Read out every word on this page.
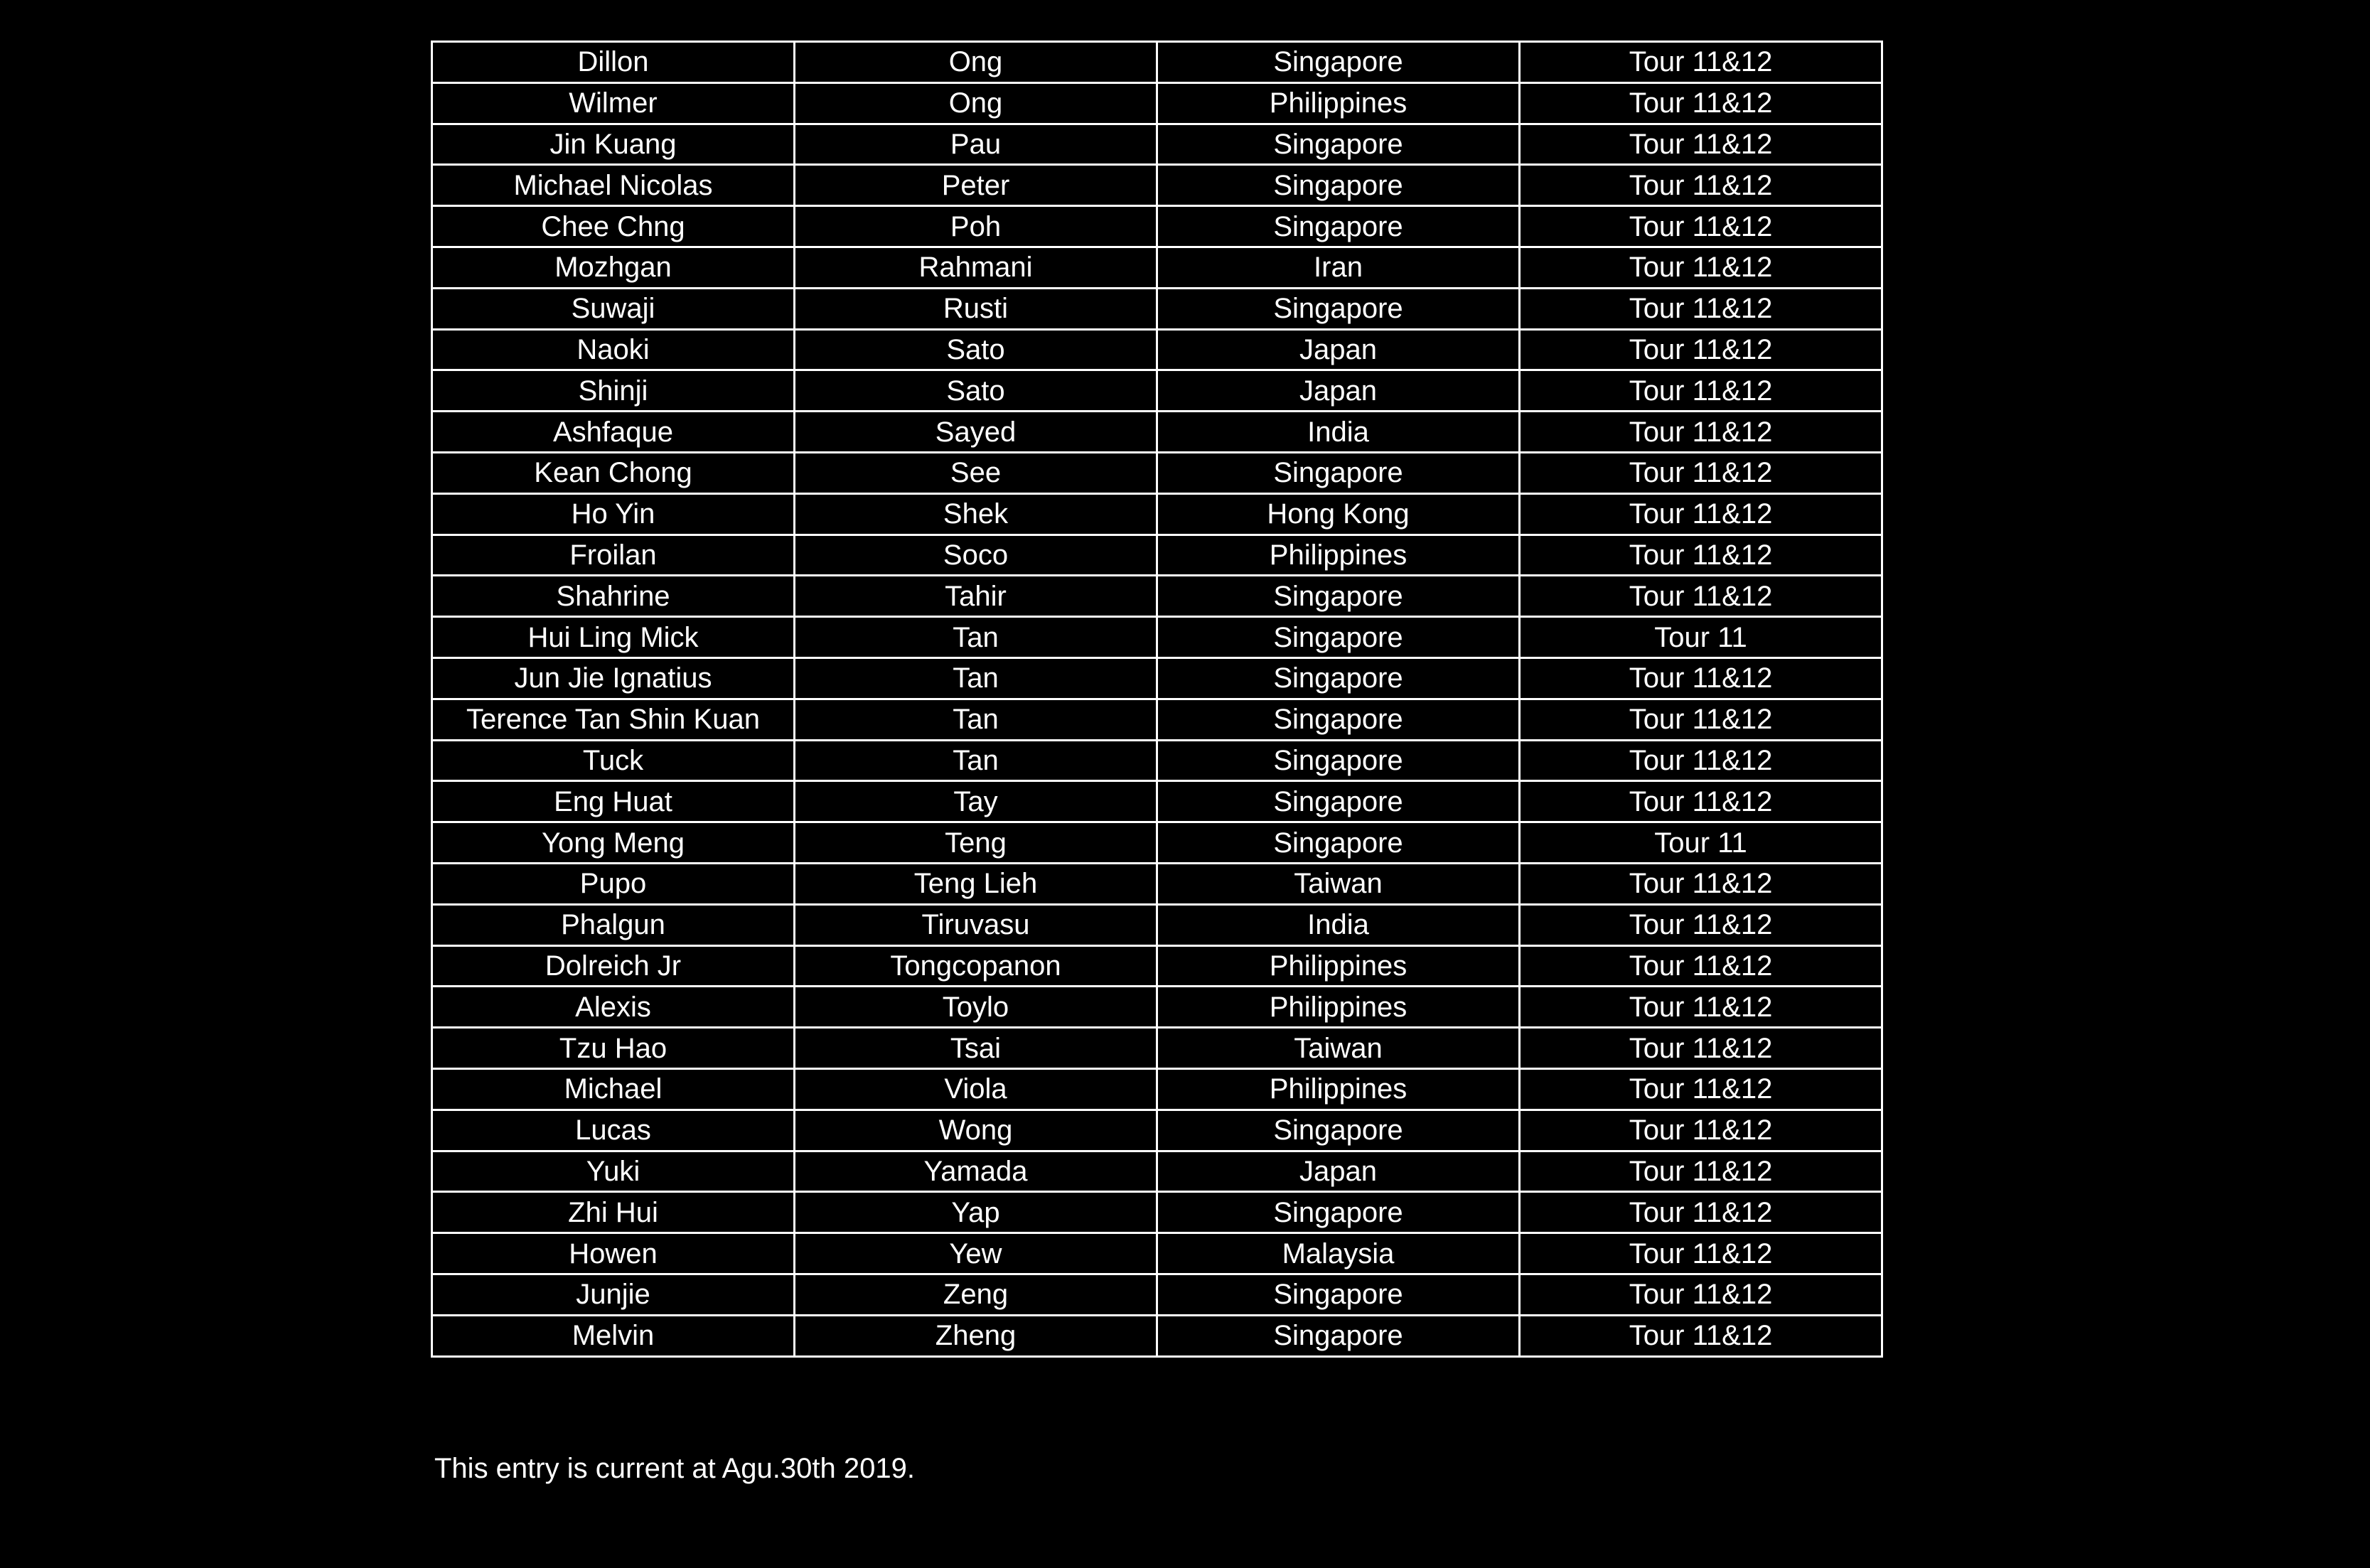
Dillon	Ong	Singapore	Tour 11&12
Wilmer	Ong	Philippines	Tour 11&12
Jin Kuang	Pau	Singapore	Tour 11&12
Michael Nicolas	Peter	Singapore	Tour 11&12
Chee Chng	Poh	Singapore	Tour 11&12
Mozhgan	Rahmani	Iran	Tour 11&12
Suwaji	Rusti	Singapore	Tour 11&12
Naoki	Sato	Japan	Tour 11&12
Shinji	Sato	Japan	Tour 11&12
Ashfaque	Sayed	India	Tour 11&12
Kean Chong	See	Singapore	Tour 11&12
Ho Yin	Shek	Hong Kong	Tour 11&12
Froilan	Soco	Philippines	Tour 11&12
Shahrine	Tahir	Singapore	Tour 11&12
Hui Ling Mick	Tan	Singapore	Tour 11
Jun Jie Ignatius	Tan	Singapore	Tour 11&12
Terence Tan Shin Kuan	Tan	Singapore	Tour 11&12
Tuck	Tan	Singapore	Tour 11&12
Eng Huat	Tay	Singapore	Tour 11&12
Yong Meng	Teng	Singapore	Tour 11
Pupo	Teng Lieh	Taiwan	Tour 11&12
Phalgun	Tiruvasu	India	Tour 11&12
Dolreich Jr	Tongcopanon	Philippines	Tour 11&12
Alexis	Toylo	Philippines	Tour 11&12
Tzu Hao	Tsai	Taiwan	Tour 11&12
Michael	Viola	Philippines	Tour 11&12
Lucas	Wong	Singapore	Tour 11&12
Yuki	Yamada	Japan	Tour 11&12
Zhi Hui	Yap	Singapore	Tour 11&12
Howen	Yew	Malaysia	Tour 11&12
Junjie	Zeng	Singapore	Tour 11&12
Melvin	Zheng	Singapore	Tour 11&12
This entry is current at Agu.30th 2019.
